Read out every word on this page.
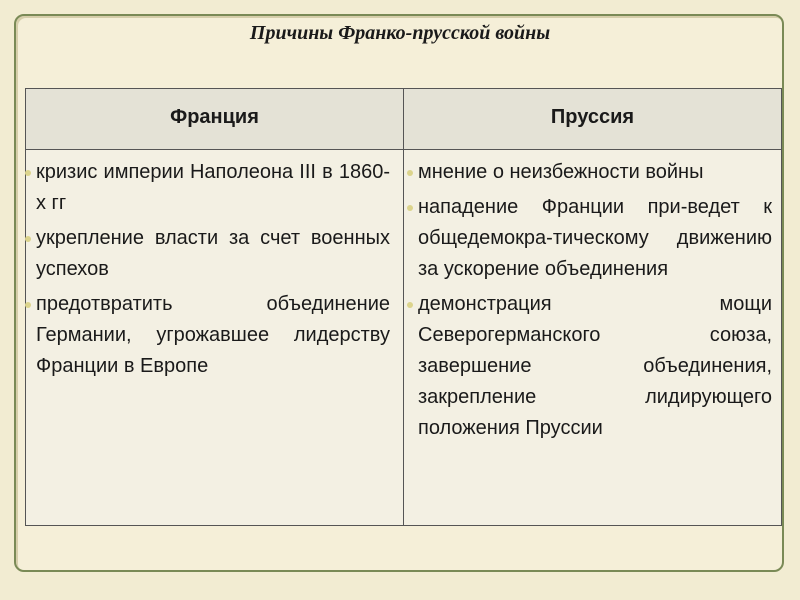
Причины Франко-прусской войны
Франция	Пруссия
кризис империи Наполеона III в 1860-х гг
укрепление власти за счет военных успехов
предотвратить объединение Германии, угрожавшее лидерству Франции в Европе
мнение о неизбежности войны
нападение Франции при-ведет к общедемокра-тическому движению за ускорение объединения
демонстрация мощи Северогерманского союза, завершение объединения, закрепление лидирующего положения Пруссии
